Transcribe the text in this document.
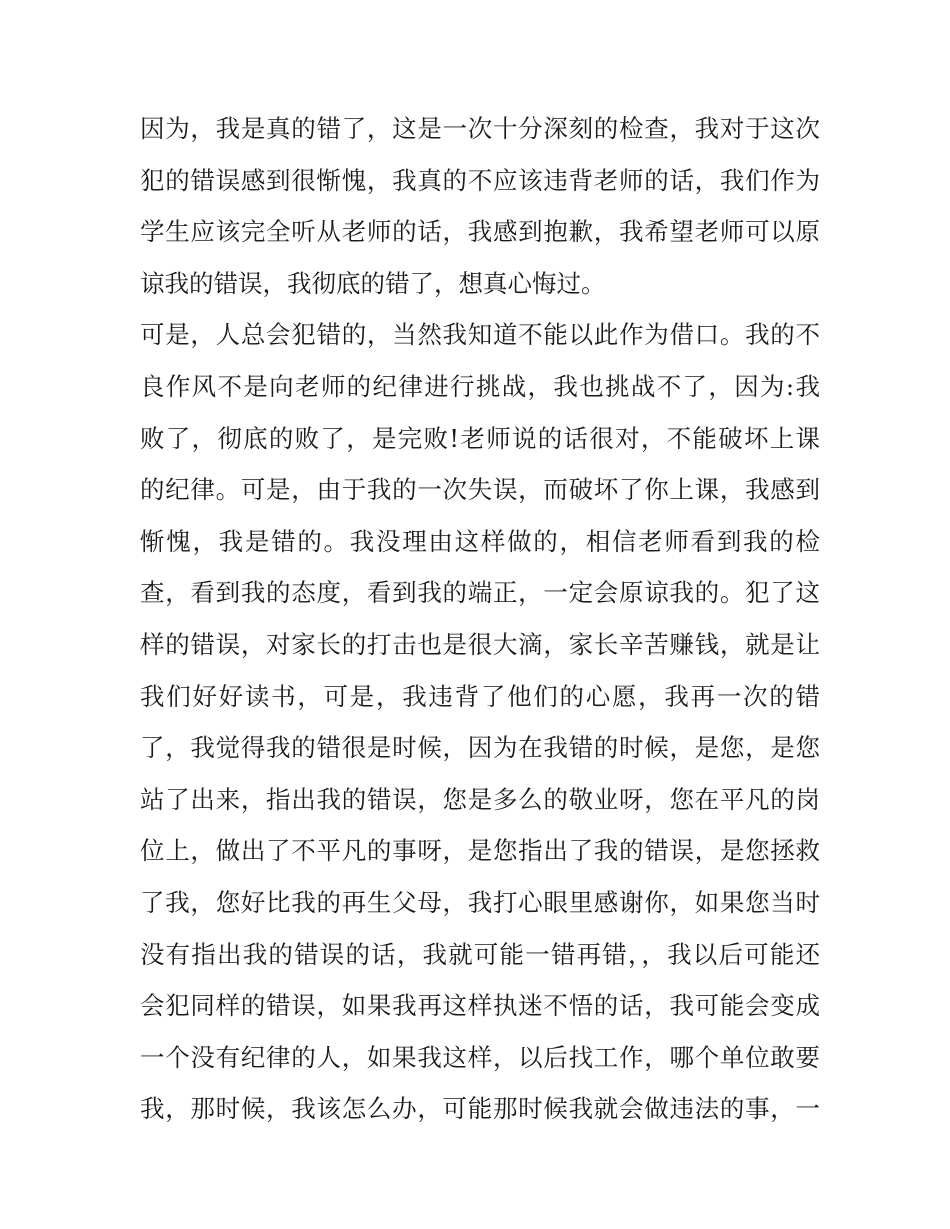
因为，我是真的错了，这是一次十分深刻的检查，我对于这次
犯的错误感到很惭愧，我真的不应该违背老师的话，我们作为
学生应该完全听从老师的话，我感到抱歉，我希望老师可以原
谅我的错误，我彻底的错了，想真心悔过。
可是，人总会犯错的，当然我知道不能以此作为借口。我的不
良作风不是向老师的纪律进行挑战，我也挑战不了，因为:我
败了，彻底的败了，是完败!老师说的话很对，不能破坏上课
的纪律。可是，由于我的一次失误，而破坏了你上课，我感到
惭愧，我是错的。我没理由这样做的，相信老师看到我的检
查，看到我的态度，看到我的端正，一定会原谅我的。犯了这
样的错误，对家长的打击也是很大滴，家长辛苦赚钱，就是让
我们好好读书，可是，我违背了他们的心愿，我再一次的错
了，我觉得我的错很是时候，因为在我错的时候，是您，是您
站了出来，指出我的错误，您是多么的敬业呀，您在平凡的岗
位上，做出了不平凡的事呀，是您指出了我的错误，是您拯救
了我，您好比我的再生父母，我打心眼里感谢你，如果您当时
没有指出我的错误的话，我就可能一错再错，，我以后可能还
会犯同样的错误，如果我再这样执迷不悟的话，我可能会变成
一个没有纪律的人，如果我这样，以后找工作，哪个单位敢要
我，那时候，我该怎么办，可能那时候我就会做违法的事，一
